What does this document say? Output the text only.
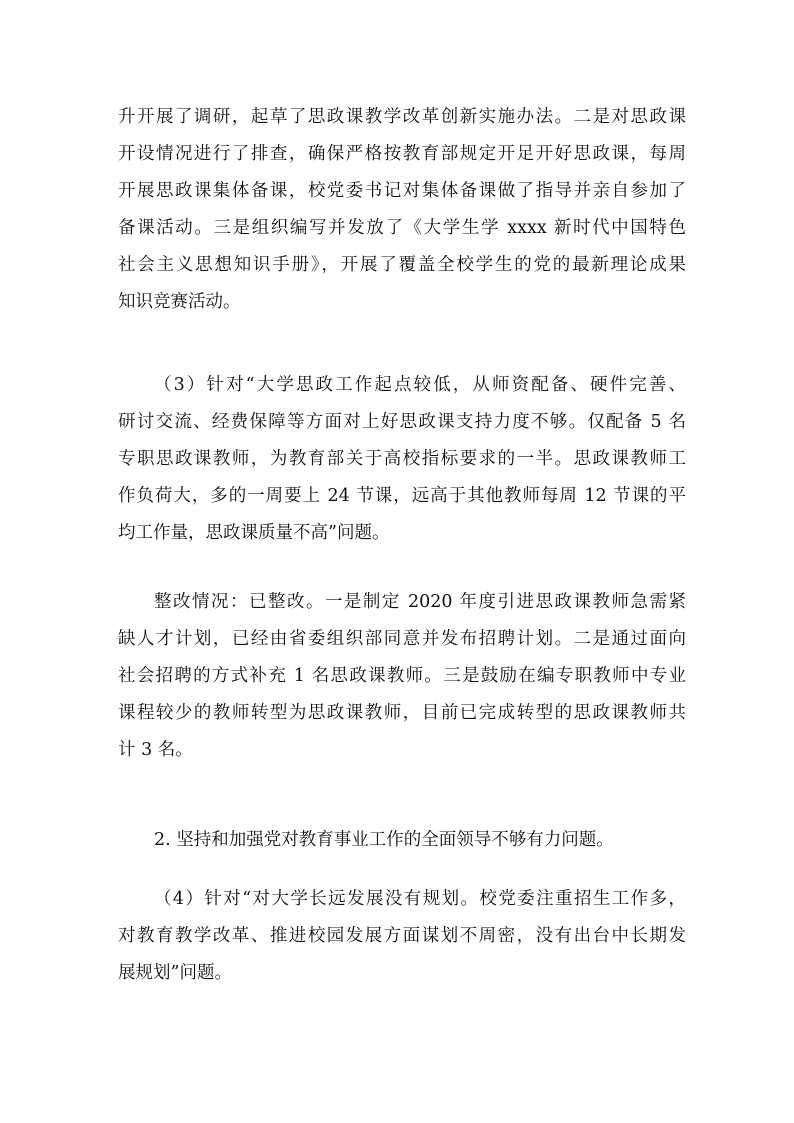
升开展了调研，起草了思政课教学改革创新实施办法。二是对思政课
开设情况进行了排查，确保严格按教育部规定开足开好思政课，每周
开展思政课集体备课，校党委书记对集体备课做了指导并亲自参加了
备课活动。三是组织编写并发放了《大学生学 xxxx 新时代中国特色
社会主义思想知识手册》，开展了覆盖全校学生的党的最新理论成果
知识竞赛活动。
（3）针对“大学思政工作起点较低，从师资配备、硬件完善、
研讨交流、经费保障等方面对上好思政课支持力度不够。仅配备 5 名
专职思政课教师，为教育部关于高校指标要求的一半。思政课教师工
作负荷大，多的一周要上 24 节课，远高于其他教师每周 12 节课的平
均工作量，思政课质量不高”问题。
整改情况：已整改。一是制定 2020 年度引进思政课教师急需紧
缺人才计划，已经由省委组织部同意并发布招聘计划。二是通过面向
社会招聘的方式补充 1 名思政课教师。三是鼓励在编专职教师中专业
课程较少的教师转型为思政课教师，目前已完成转型的思政课教师共
计 3 名。
2. 坚持和加强党对教育事业工作的全面领导不够有力问题。
（4）针对“对大学长远发展没有规划。校党委注重招生工作多，
对教育教学改革、推进校园发展方面谋划不周密，没有出台中长期发
展规划”问题。
